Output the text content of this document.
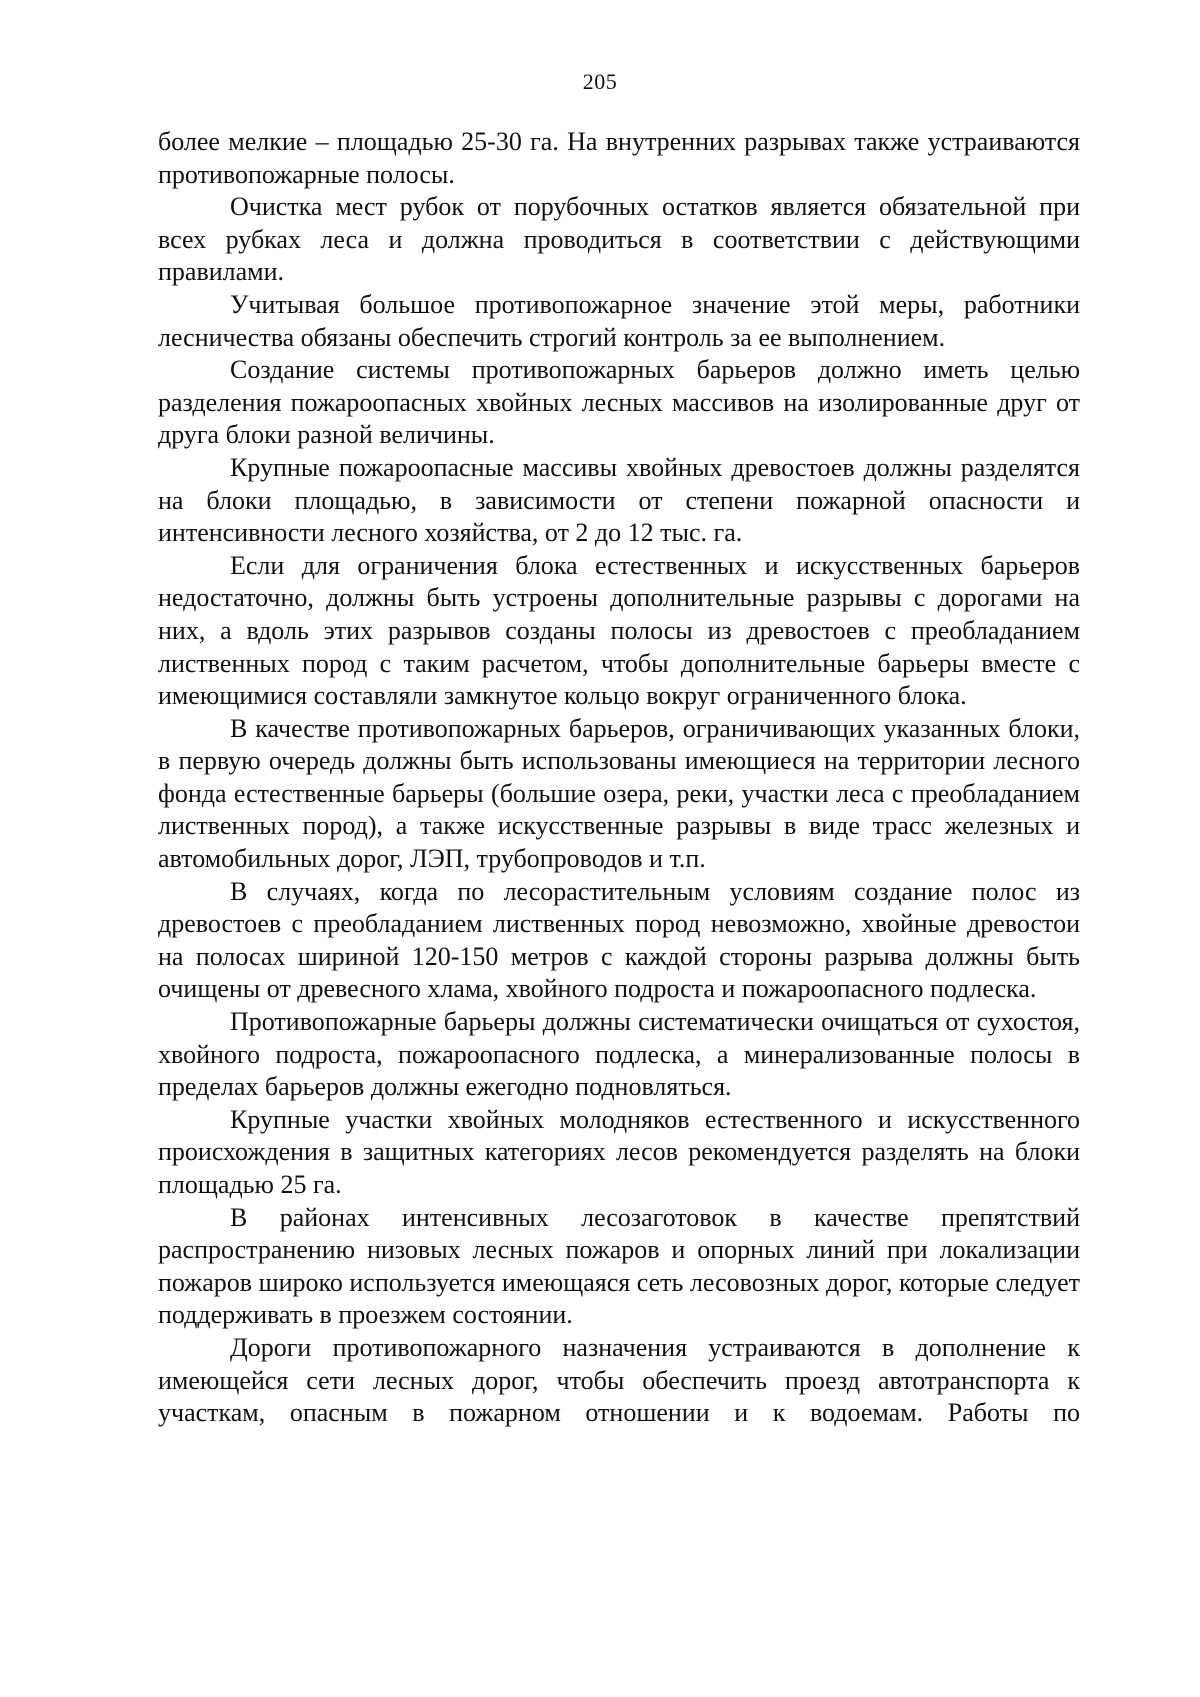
205

более мелкие – площадью 25-30 га. На внутренних разрывах также устраиваются противопожарные полосы.

Очистка мест рубок от порубочных остатков является обязательной при всех рубках леса и должна проводиться в соответствии с действующими правилами.

Учитывая большое противопожарное значение этой меры, работники лесничества обязаны обеспечить строгий контроль за ее выполнением.

Создание системы противопожарных барьеров должно иметь целью разделения пожароопасных хвойных лесных массивов на изолированные друг от друга блоки разной величины.

Крупные пожароопасные массивы хвойных древостоев должны разделятся на блоки площадью, в зависимости от степени пожарной опасности и интенсивности лесного хозяйства, от 2 до 12 тыс. га.

Если для ограничения блока естественных и искусственных барьеров недостаточно, должны быть устроены дополнительные разрывы с дорогами на них, а вдоль этих разрывов созданы полосы из древостоев с преобладанием лиственных пород с таким расчетом, чтобы дополнительные барьеры вместе с имеющимися составляли замкнутое кольцо вокруг ограниченного блока.

В качестве противопожарных барьеров, ограничивающих указанных блоки, в первую очередь должны быть использованы имеющиеся на территории лесного фонда естественные барьеры (большие озера, реки, участки леса с преобладанием лиственных пород), а также искусственные разрывы в виде трасс железных и автомобильных дорог, ЛЭП, трубопроводов и т.п.

В случаях, когда по лесорастительным условиям создание полос из древостоев с преобладанием лиственных пород невозможно, хвойные древостои на полосах шириной 120-150 метров с каждой стороны разрыва должны быть очищены от древесного хлама, хвойного подроста и пожароопасного подлеска.

Противопожарные барьеры должны систематически очищаться от сухостоя, хвойного подроста, пожароопасного подлеска, а минерализованные полосы в пределах барьеров должны ежегодно подновляться.

Крупные участки хвойных молодняков естественного и искусственного происхождения в защитных категориях лесов рекомендуется разделять на блоки площадью 25 га.

В районах интенсивных лесозаготовок в качестве препятствий распространению низовых лесных пожаров и опорных линий при локализации пожаров широко используется имеющаяся сеть лесовозных дорог, которые следует поддерживать в проезжем состоянии.

Дороги противопожарного назначения устраиваются в дополнение к имеющейся сети лесных дорог, чтобы обеспечить проезд автотранспорта к участкам, опасным в пожарном отношении и к водоемам. Работы по
